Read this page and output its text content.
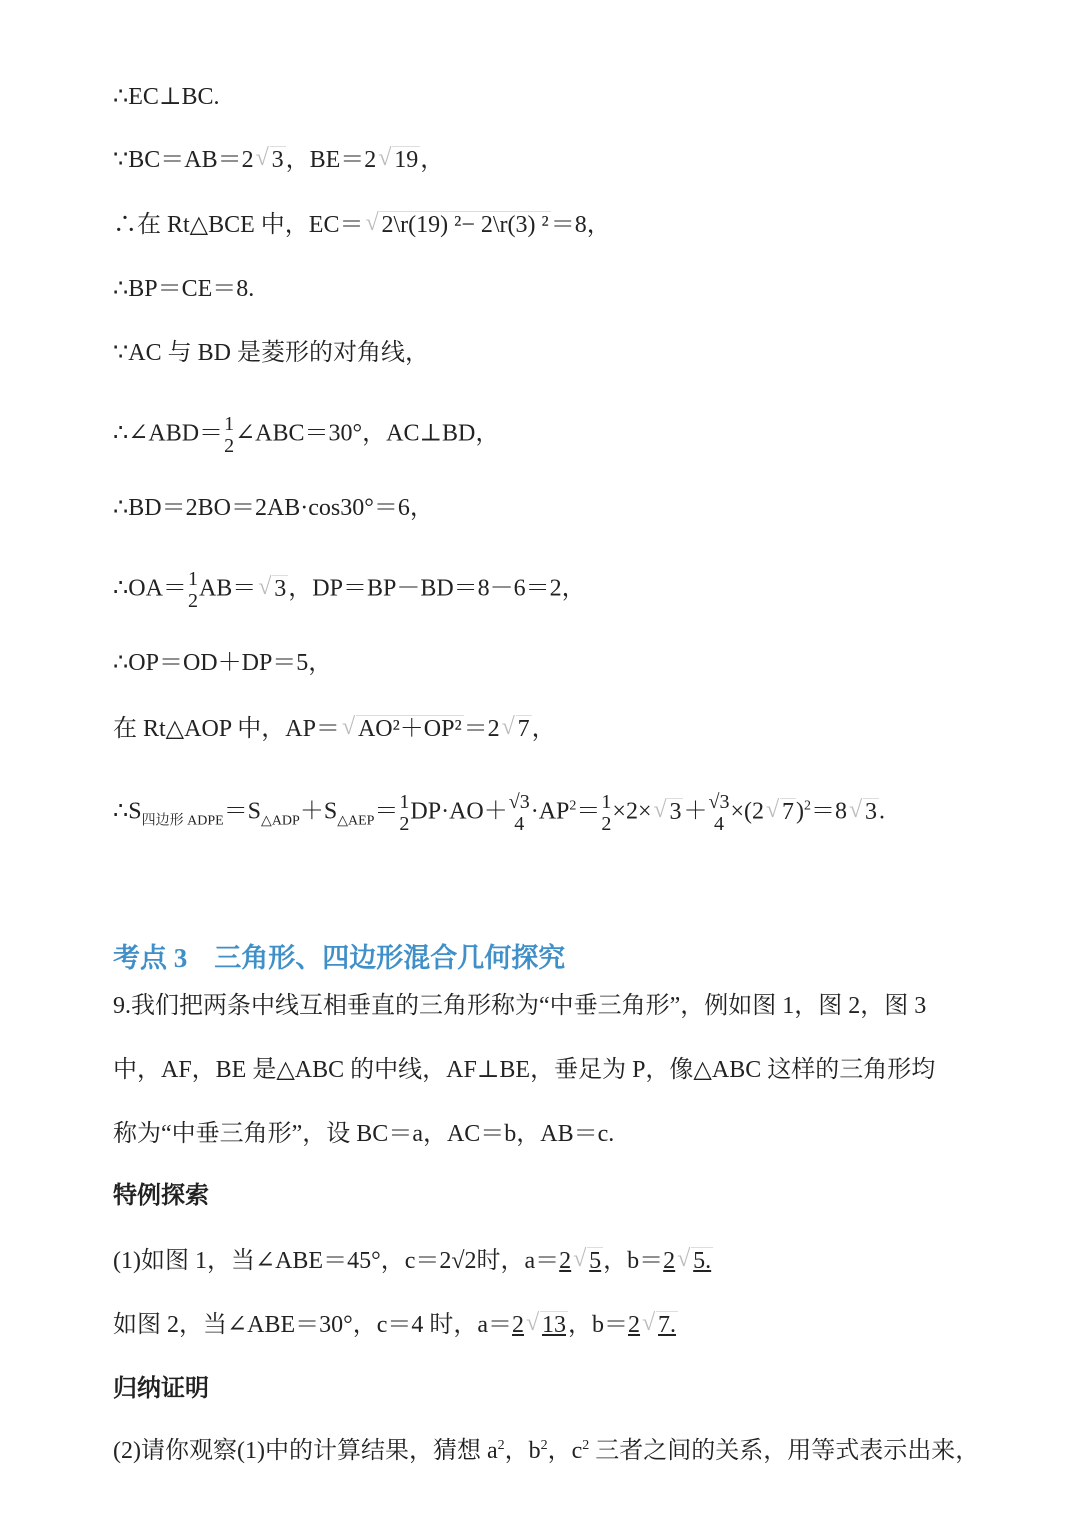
∴EC⊥BC.
∵BC＝AB＝2 √ 3，BE＝2 √ 19，
∴在 Rt△BCE 中，EC＝√ 2\r(19) ²− 2\r(3) ²＝8，
∴BP＝CE＝8.
∵AC 与 BD 是菱形的对角线，
∴∠ABD＝ 1
2 ∠ABC＝30°，AC⊥BD，
∴BD＝2BO＝2AB·cos30°＝6，
∴OA＝ 1
2 AB＝ √ 3，DP＝BP－BD＝8－6＝2，
∴OP＝OD＋DP＝5，
在 Rt△AOP 中，AP＝ √ AO²＋OP²＝2 √ 7，
$\therefore S_{四边形 ADPE}=S_{\triangle ADP}+S_{\triangle AEP}= 1$
2 DP·AO＋ √3
$4 \cdot AP^2= 1$
2 ×2× √ 3＋ √3
4 ×(2 √ 7)$^2$＝8 √ 3.
考点 3　三角形、四边形混合几何探究
9.我们把两条中线互相垂直的三角形称为“中垂三角形”，例如图 1，图 2，图 3
中，AF，BE 是△ABC 的中线，AF⊥BE，垂足为 P，像△ABC 这样的三角形均
称为“中垂三角形”，设 BC＝a，AC＝b，AB＝c.
特例探索
(1)如图 1，当∠ABE＝45°，c＝2√2时，a＝2 √ 5，b＝2 √ 5.
如图 2，当∠ABE＝30°，c＝4 时，a＝2 √ 13，b＝2 √ 7.
归纳证明
(2)请你观察(1)中的计算结果，猜想 $a^2$，$b^2$，$c^2$ 三者之间的关系，用等式表示出来，
